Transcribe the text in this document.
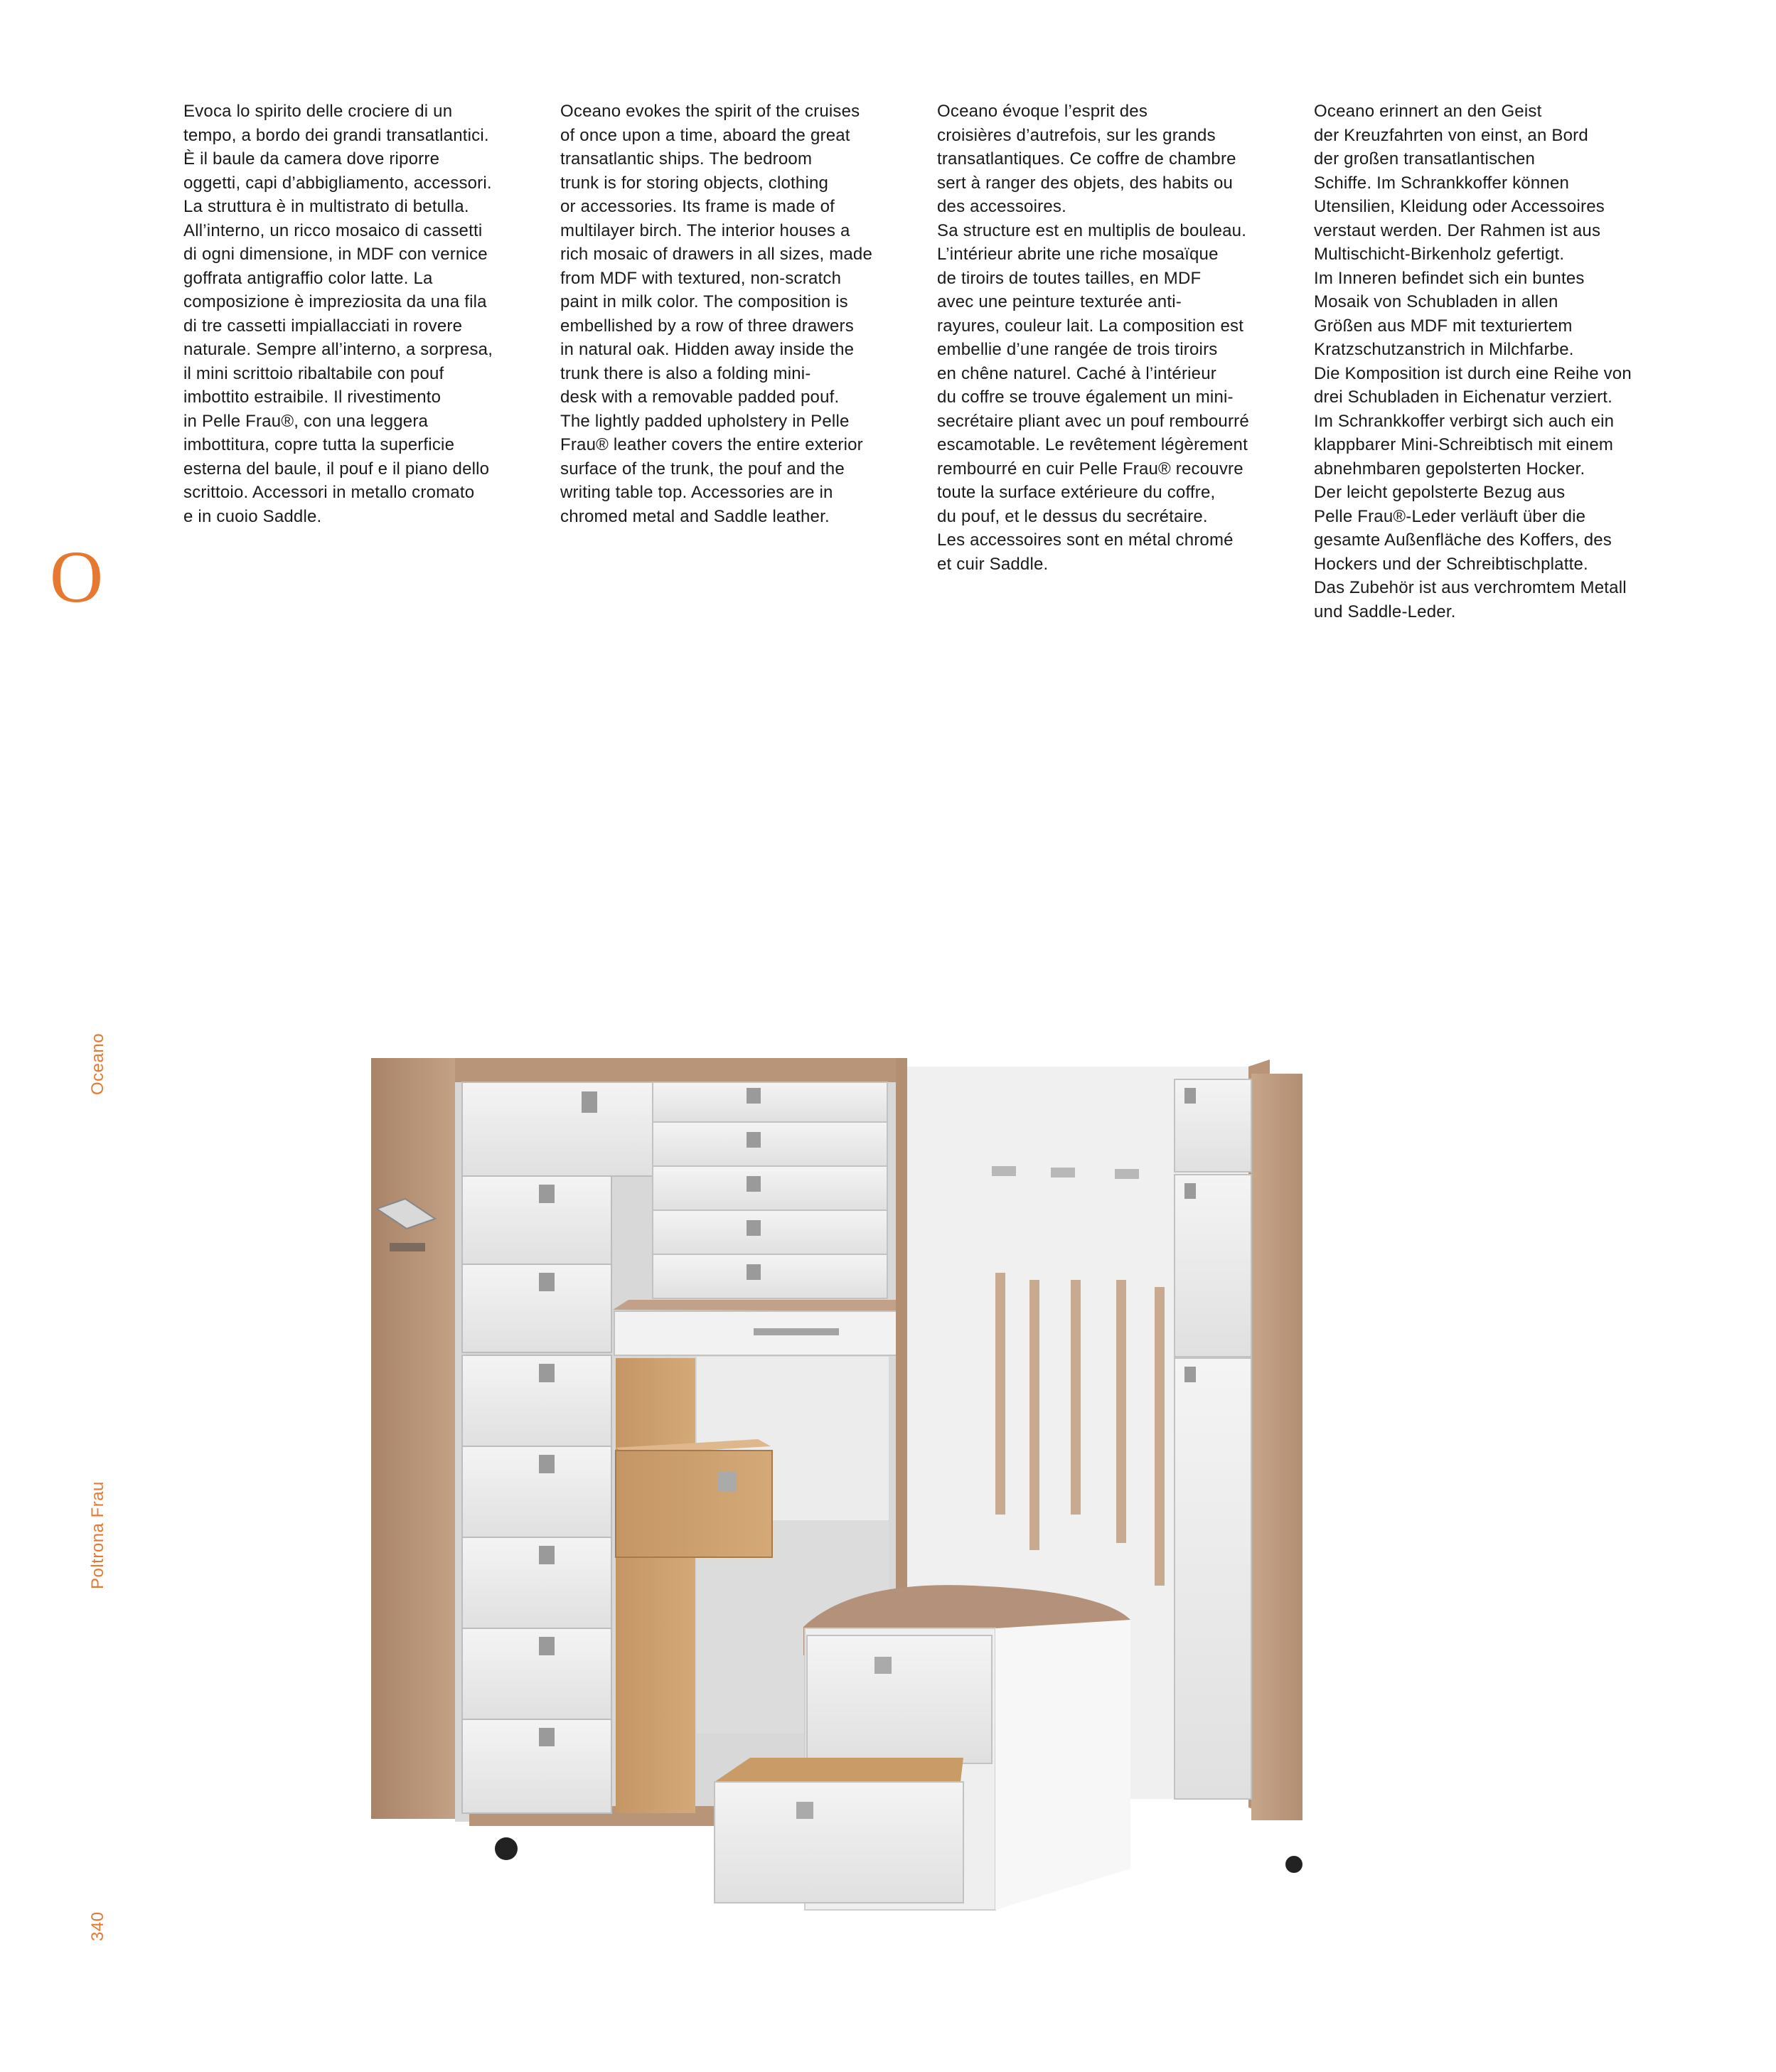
Evoca lo spirito delle crociere di un
tempo, a bordo dei grandi transatlantici.
È il baule da camera dove riporre
oggetti, capi d’abbigliamento, accessori.
La struttura è in multistrato di betulla.
All’interno, un ricco mosaico di cassetti
di ogni dimensione, in MDF con vernice
goffrata antigraffio color latte. La
composizione è impreziosita da una fila
di tre cassetti impiallacciati in rovere
naturale. Sempre all’interno, a sorpresa,
il mini scrittoio ribaltabile con pouf
imbottito estraibile. Il rivestimento
in Pelle Frau®, con una leggera
imbottitura, copre tutta la superficie
esterna del baule, il pouf e il piano dello
scrittoio. Accessori in metallo cromato
e in cuoio Saddle.
Oceano evokes the spirit of the cruises
of once upon a time, aboard the great
transatlantic ships. The bedroom
trunk is for storing objects, clothing
or accessories. Its frame is made of
multilayer birch. The interior houses a
rich mosaic of drawers in all sizes, made
from MDF with textured, non-scratch
paint in milk color. The composition is
embellished by a row of three drawers
in natural oak. Hidden away inside the
trunk there is also a folding mini-
desk with a removable padded pouf.
The lightly padded upholstery in Pelle
Frau® leather covers the entire exterior
surface of the trunk, the pouf and the
writing table top. Accessories are in
chromed metal and Saddle leather.
Oceano évoque l’esprit des
croisières d’autrefois, sur les grands
transatlantiques. Ce coffre de chambre
sert à ranger des objets, des habits ou
des accessoires.
Sa structure est en multiplis de bouleau.
L’intérieur abrite une riche mosaïque
de tiroirs de toutes tailles, en MDF
avec une peinture texturée anti-
rayures, couleur lait. La composition est
embellie d’une rangée de trois tiroirs
en chêne naturel. Caché à l’intérieur
du coffre se trouve également un mini-
secrétaire pliant avec un pouf rembourré
escamotable. Le revêtement légèrement
rembourré en cuir Pelle Frau® recouvre
toute la surface extérieure du coffre,
du pouf, et le dessus du secrétaire.
Les accessoires sont en métal chromé
et cuir Saddle.
Oceano erinnert an den Geist
der Kreuzfahrten von einst, an Bord
der großen transatlantischen
Schiffe. Im Schrankkoffer können
Utensilien, Kleidung oder Accessoires
verstaut werden. Der Rahmen ist aus
Multischicht-Birkenholz gefertigt.
Im Inneren befindet sich ein buntes
Mosaik von Schubladen in allen
Größen aus MDF mit texturiertem
Kratzschutzanstrich in Milchfarbe.
Die Komposition ist durch eine Reihe von
drei Schubladen in Eichenatur verziert.
Im Schrankkoffer verbirgt sich auch ein
klappbarer Mini-Schreibtisch mit einem
abnehmbaren gepolsterten Hocker.
Der leicht gepolsterte Bezug aus
Pelle Frau®-Leder verläuft über die
gesamte Außenfläche des Koffers, des
Hockers und der Schreibtischplatte.
Das Zubehör ist aus verchromtem Metall
und Saddle-Leder.
O
Oceano
Poltrona Frau
340
